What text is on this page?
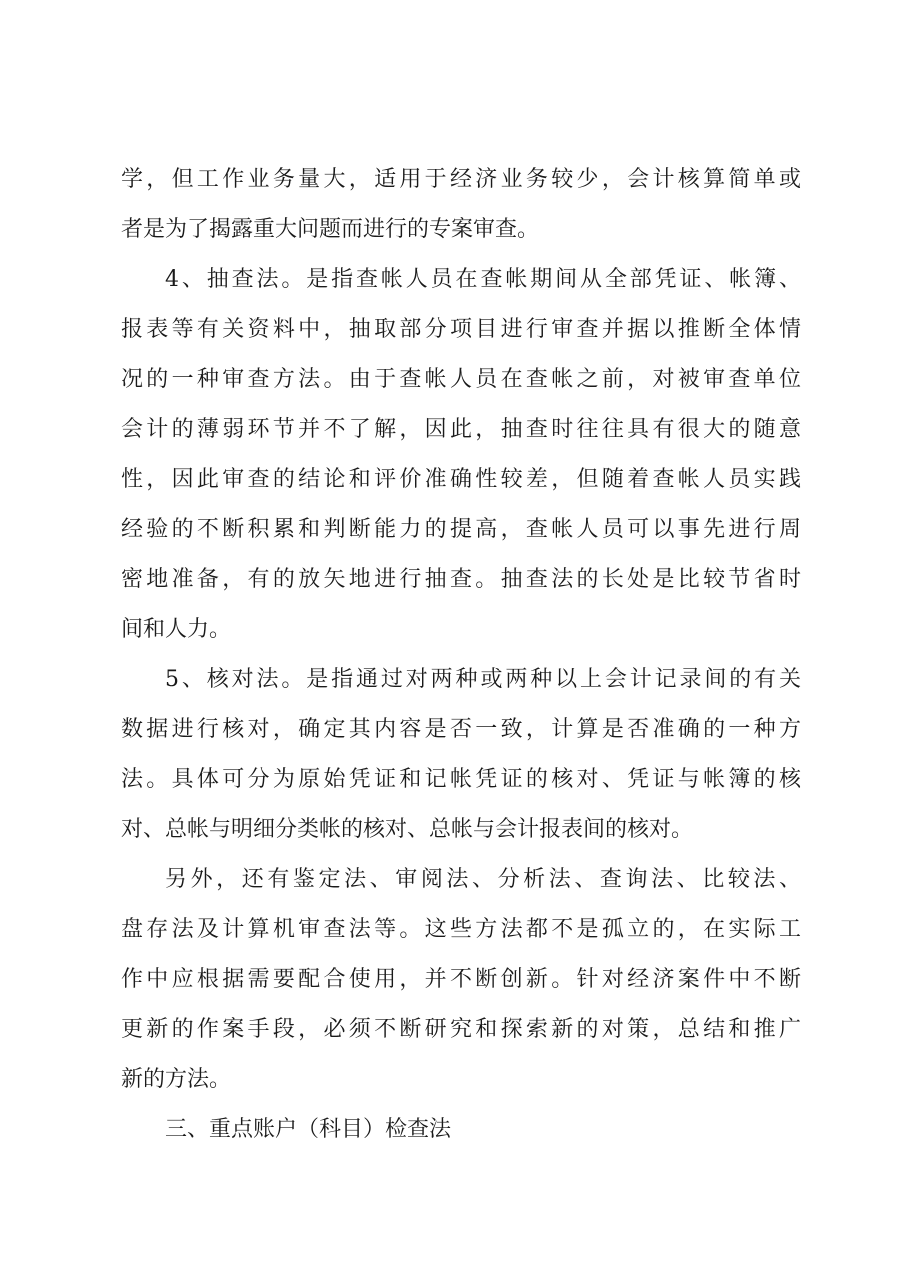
学，但工作业务量大，适用于经济业务较少，会计核算简单或
者是为了揭露重大问题而进行的专案审查。
4、抽查法。是指查帐人员在查帐期间从全部凭证、帐簿、
报表等有关资料中，抽取部分项目进行审查并据以推断全体情
况的一种审查方法。由于查帐人员在查帐之前，对被审查单位
会计的薄弱环节并不了解，因此，抽查时往往具有很大的随意
性，因此审查的结论和评价准确性较差，但随着查帐人员实践
经验的不断积累和判断能力的提高，查帐人员可以事先进行周
密地准备，有的放矢地进行抽查。抽查法的长处是比较节省时
间和人力。
5、核对法。是指通过对两种或两种以上会计记录间的有关
数据进行核对，确定其内容是否一致，计算是否准确的一种方
法。具体可分为原始凭证和记帐凭证的核对、凭证与帐簿的核
对、总帐与明细分类帐的核对、总帐与会计报表间的核对。
另外，还有鉴定法、审阅法、分析法、查询法、比较法、
盘存法及计算机审查法等。这些方法都不是孤立的，在实际工
作中应根据需要配合使用，并不断创新。针对经济案件中不断
更新的作案手段，必须不断研究和探索新的对策，总结和推广
新的方法。
三、重点账户（科目）检查法
